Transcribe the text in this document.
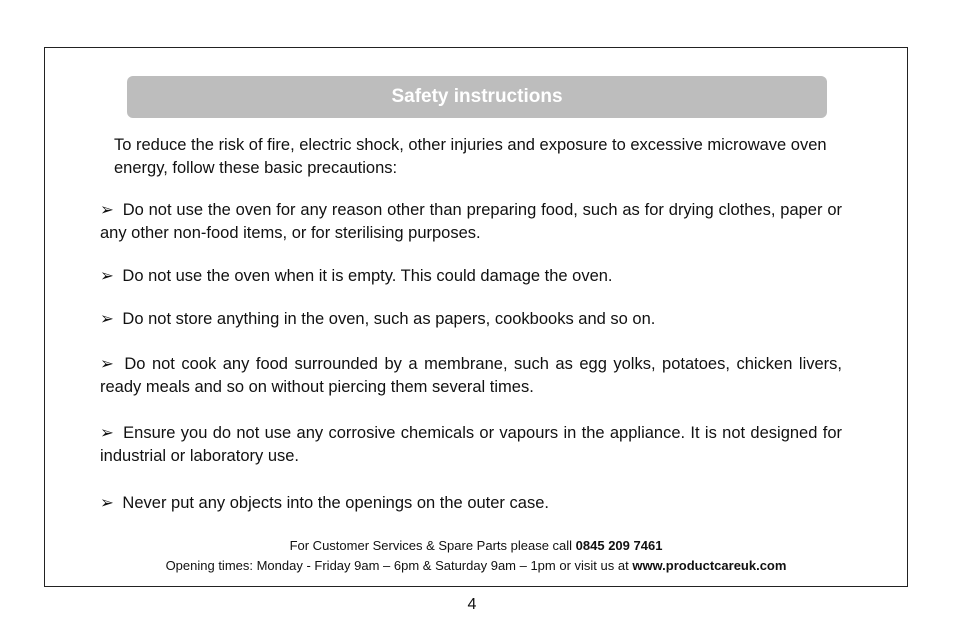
Safety instructions
To reduce the risk of fire, electric shock, other injuries and exposure to excessive microwave oven energy, follow these basic precautions:
➢ Do not use the oven for any reason other than preparing food, such as for drying clothes, paper or any other non-food items, or for sterilising purposes.
➢ Do not use the oven when it is empty. This could damage the oven.
➢ Do not store anything in the oven, such as papers, cookbooks and so on.
➢ Do not cook any food surrounded by a membrane, such as egg yolks, potatoes, chicken livers, ready meals and so on without piercing them several times.
➢ Ensure you do not use any corrosive chemicals or vapours in the appliance. It is not designed for industrial or laboratory use.
➢ Never put any objects into the openings on the outer case.
For Customer Services & Spare Parts please call 0845 209 7461
Opening times: Monday - Friday 9am – 6pm & Saturday 9am – 1pm or visit us at www.productcareuk.com
4
